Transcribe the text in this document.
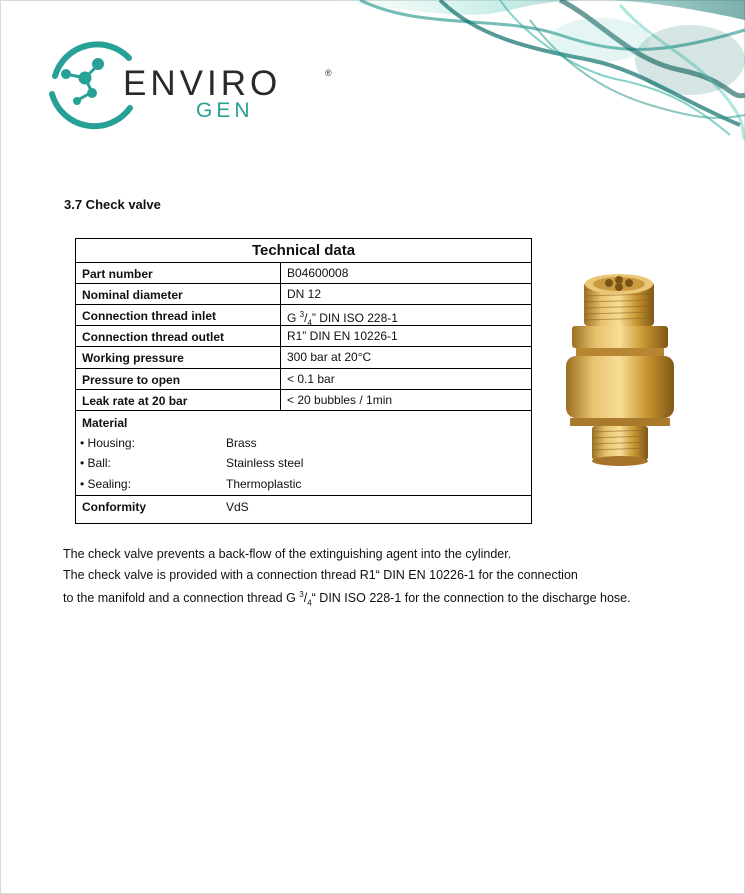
ENVIRO	®
GEN
3.7 Check valve
Technical data
Part number	B04600008
Nominal diameter	DN 12
Connection thread inlet	G $^3/_4$” DIN ISO 228-1
Connection thread outlet	R1” DIN EN 10226-1
Working pressure	300 bar at 20°C
Pressure to open	< 0.1 bar
Leak rate at 20 bar	< 20 bubbles / 1min
Material
• Housing:	Brass
• Ball:	Stainless steel
• Sealing:	Thermoplastic
Conformity	VdS
The check valve prevents a back-flow of the extinguishing agent into the cylinder.
The check valve is provided with a connection thread R1“ DIN EN 10226-1 for the connection
to the manifold and a connection thread G $^3/_4“$ DIN ISO 228-1 for the connection to the discharge hose.
